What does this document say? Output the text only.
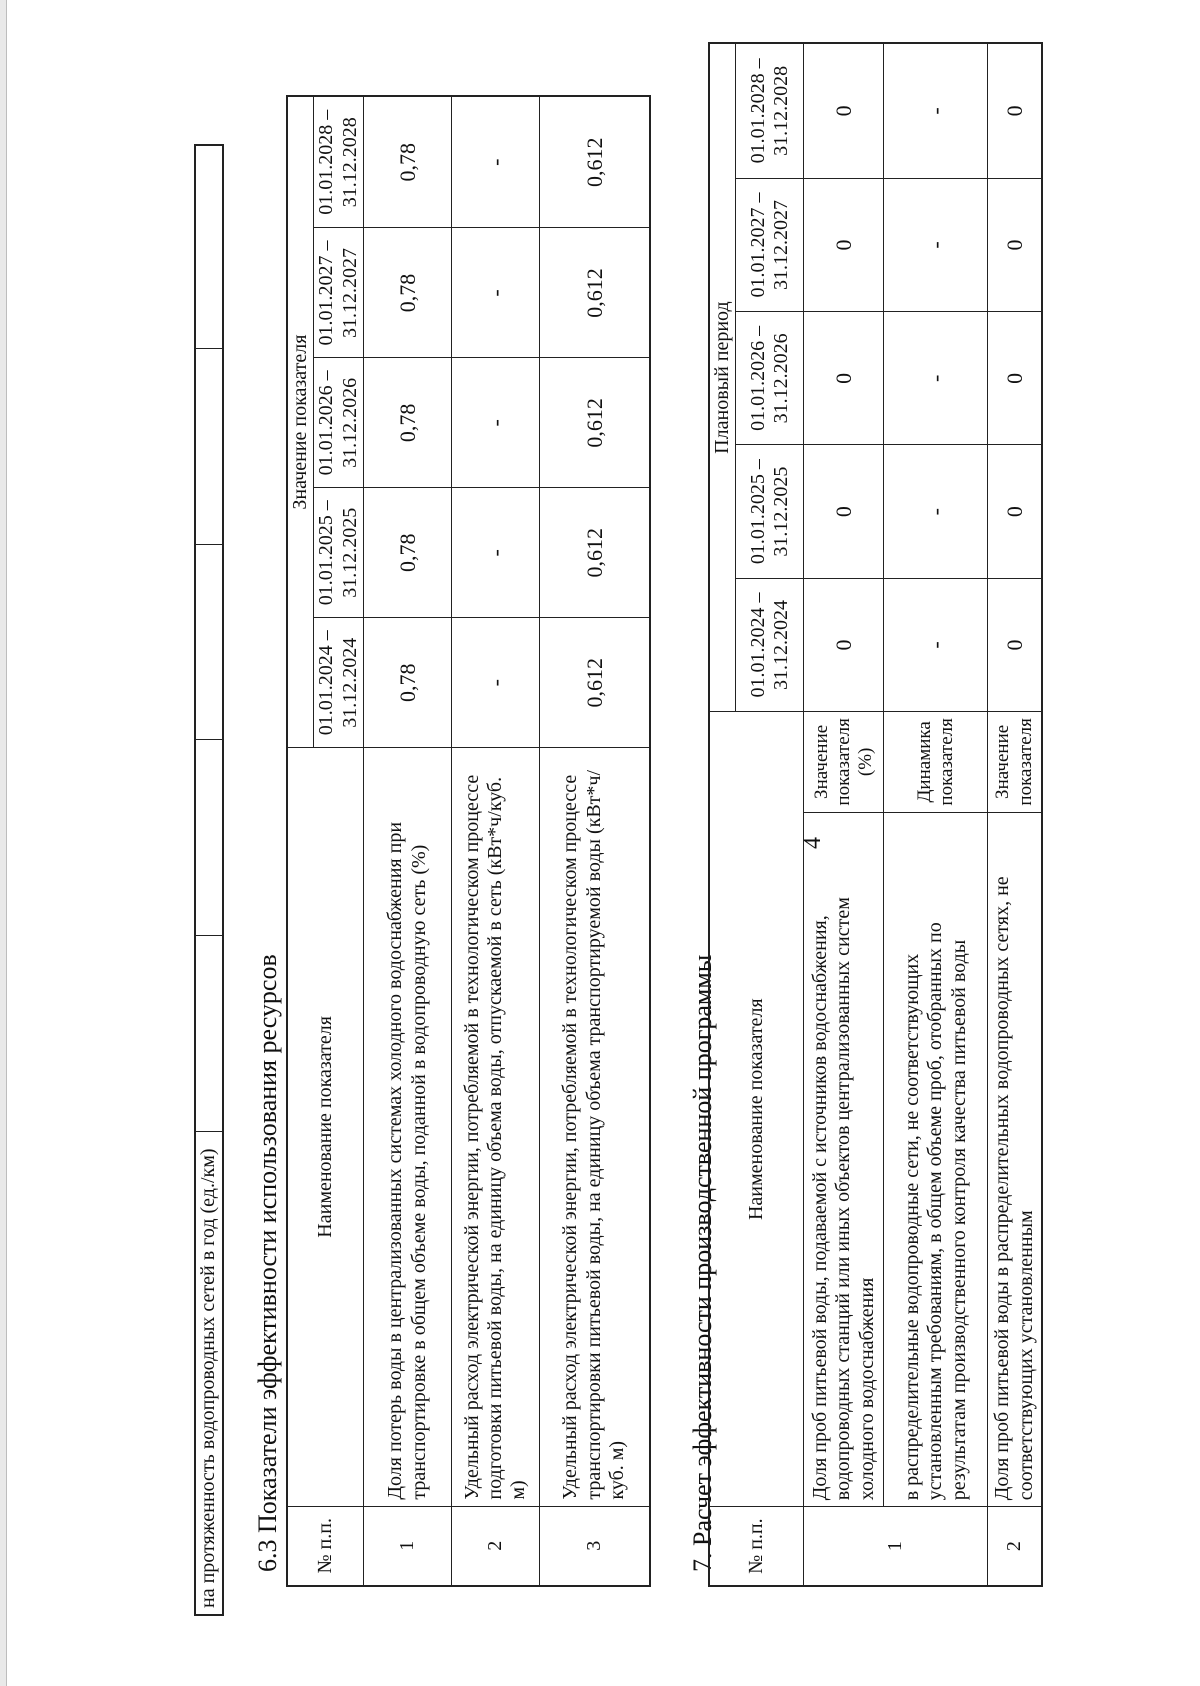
4
на протяженность водопроводных сетей в год (ед./км)					6.3 Показатели эффективности использования ресурсов № п.п.	Наименование показателя	Значение показателя				
		01.01.2024 – 31.12.2024	01.01.2025 – 31.12.2025	01.01.2026 – 31.12.2026	01.01.2027 – 31.12.2027	01.01.2028 – 31.12.2028
1	Доля потерь воды в централизованных системах холодного водоснабжения при транспортировке в общем объеме воды, поданной в водопроводную сеть (%)	0,78	0,78	0,78	0,78	0,78
2	Удельный расход электрической энергии, потребляемой в технологическом процессе подготовки питьевой воды, на единицу объема воды, отпускаемой в сеть (кВт*ч/куб. м)	-	-	-	-	-
3	Удельный расход электрической энергии, потребляемой в технологическом процессе транспортировки питьевой воды, на единицу объема транспортируемой воды (кВт*ч/куб. м)	0,612	0,612	0,612	0,612	0,612
7. Расчет эффективности производственной программы № п.п.	Наименование показателя		Плановый период				
			01.01.2024 – 31.12.2024	01.01.2025 – 31.12.2025	01.01.2026 – 31.12.2026	01.01.2027 – 31.12.2027	01.01.2028 – 31.12.2028
1	Доля проб питьевой воды, подаваемой с источников водоснабжения, водопроводных станций или иных объектов централизованных систем холодного водоснабжения	Значение показателя (%)	0	0	0	0	0
	в распределительные водопроводные сети, не соответствующих установленным требованиям, в общем объеме проб, отобранных по результатам производственного контроля качества питьевой воды	Динамика показателя	-	-	-	-	-
2	Доля проб питьевой воды в распределительных водопроводных сетях, не соответствующих установленным	Значение показателя	0	0	0	0	0
